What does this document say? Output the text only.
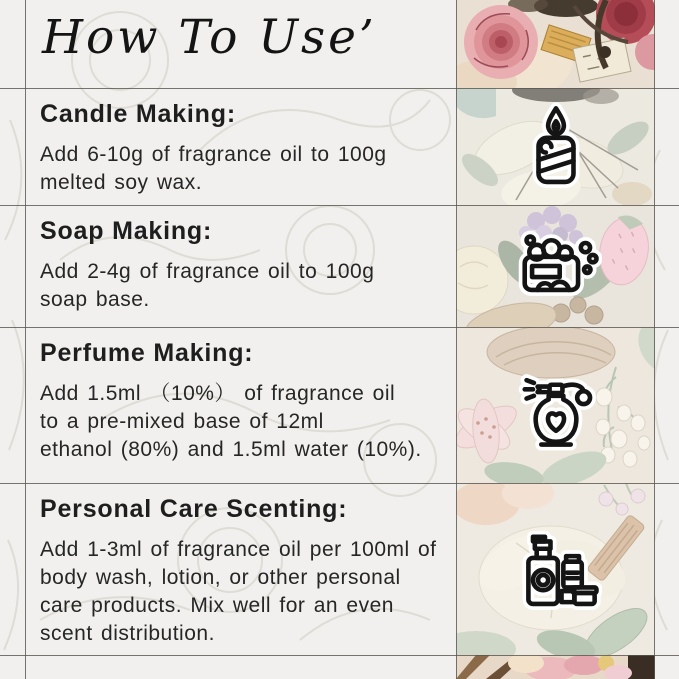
How To Use’
Candle Making:

Add 6-10g of fragrance oil to 100g
melted soy wax.

Soap Making:

Add 2-4g of fragrance oil to 100g
soap base.

Perfume Making:

Add 1.5ml （10%） of fragrance oil
to a pre-mixed base of 12ml
ethanol (80%) and 1.5ml water (10%).

Personal Care Scenting:

Add 1-3ml of fragrance oil per 100ml of
body wash, lotion, or other personal
care products. Mix well for an even
scent distribution.
